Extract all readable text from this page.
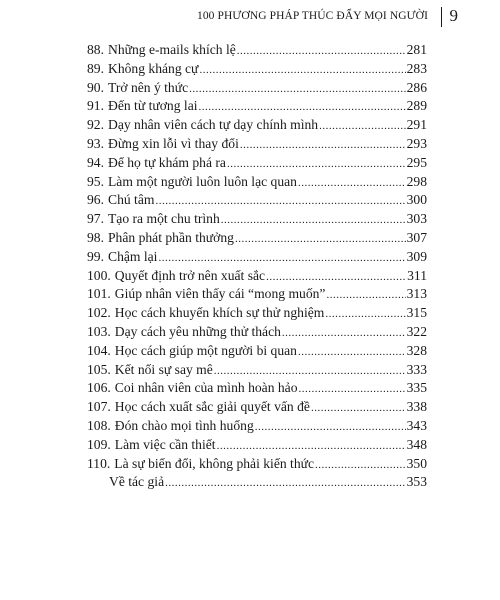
100 PHƯƠNG PHÁP THÚC ĐẨY MỌI NGƯỜI 9
88. Những e-mails khích lệ .....	281
89. Không kháng cự .....	283
90. Trở nên ý thức .....	286
91. Đến từ tương lai .....	289
92. Dạy nhân viên cách tự dạy chính mình .....	291
93. Đừng xin lỗi vì thay đổi .....	293
94. Để họ tự khám phá ra .....	295
95. Làm một người luôn luôn lạc quan .....	298
96. Chú tâm .....	300
97. Tạo ra một chu trình .....	303
98. Phân phát phần thưởng .....	307
99. Chậm lại .....	309
100. Quyết định trở nên xuất sắc .....	311
101. Giúp nhân viên thấy cái “mong muốn” .....	313
102. Học cách khuyến khích sự thử nghiệm .....	315
103. Dạy cách yêu những thử thách .....	322
104. Học cách giúp một người bi quan .....	328
105. Kết nối sự say mê .....	333
106. Coi nhân viên của mình hoàn hảo .....	335
107. Học cách xuất sắc giải quyết vấn đề .....	338
108. Đón chào mọi tình huống .....	343
109. Làm việc cần thiết .....	348
110. Là sự biến đổi, không phải kiến thức .....	350
Về tác giả .....	353
